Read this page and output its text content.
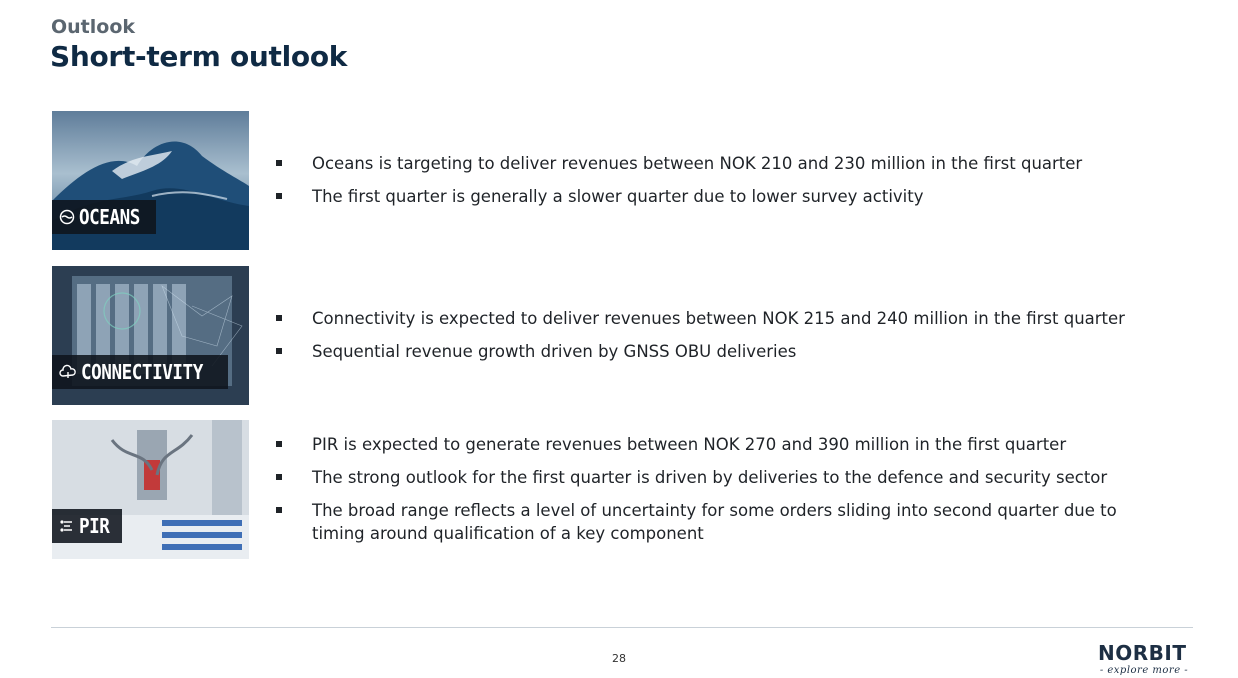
Outlook
Short-term outlook
OCEANS
CONNECTIVITY
PIR
Oceans is targeting to deliver revenues between NOK 210 and 230 million in the first quarter
The first quarter is generally a slower quarter due to lower survey activity
Connectivity is expected to deliver revenues between NOK 215 and 240 million in the first quarter
Sequential revenue growth driven by GNSS OBU deliveries
PIR is expected to generate revenues between NOK 270 and 390 million in the first quarter
The strong outlook for the first quarter is driven by deliveries to the defence and security sector
The broad range reflects a level of uncertainty for some orders sliding into second quarter due to timing around qualification of a key component
28	NORBIT
- explore more -
